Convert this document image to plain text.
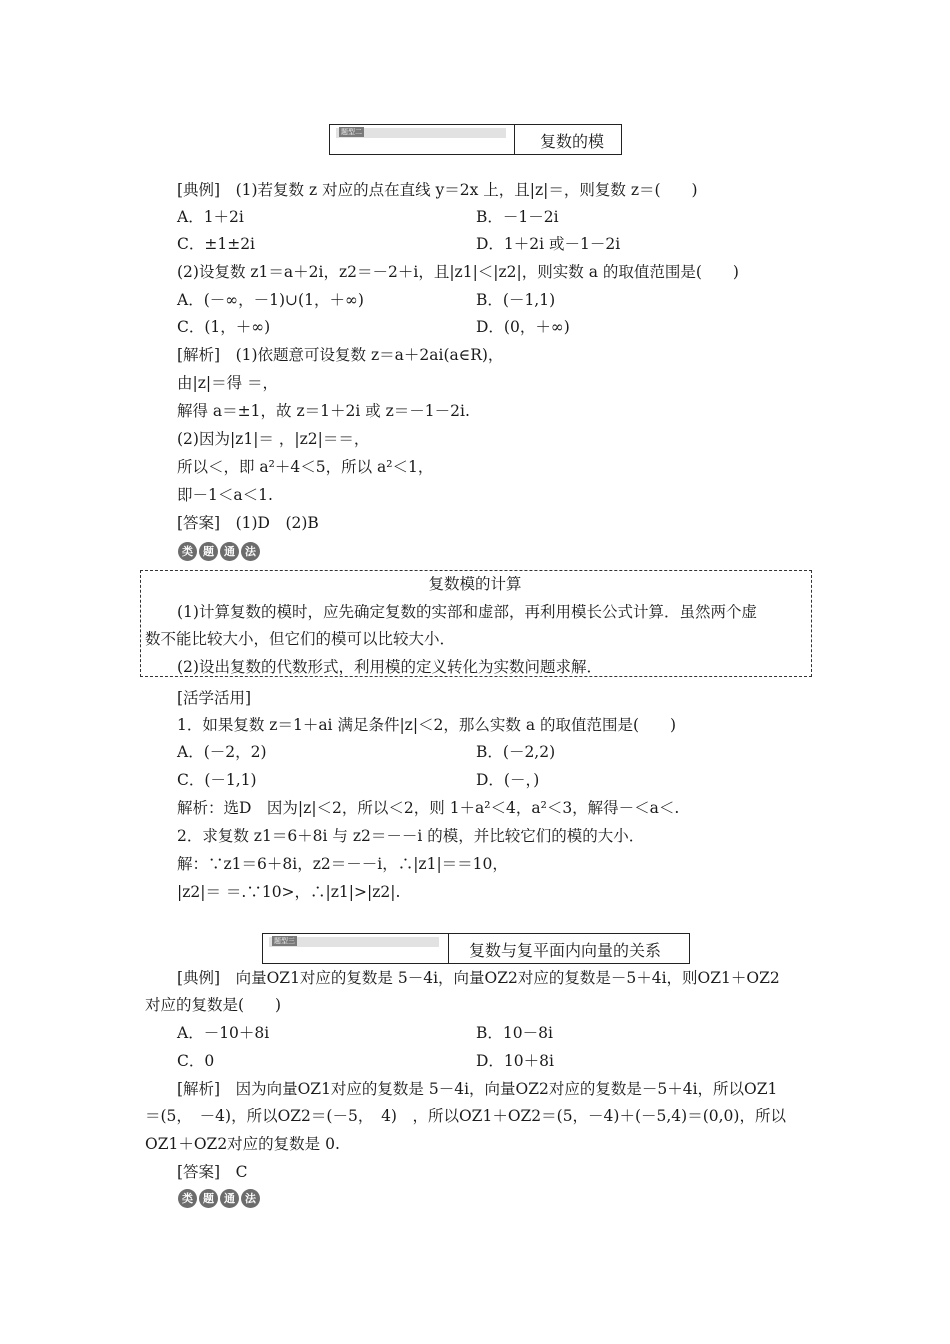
题型二	复数的模
[典例]　(1)若复数 z 对应的点在直线 y＝2x 上，且|z|＝，则复数 z＝(　　)
A．1＋2i	B．－1－2i
C．±1±2i	D．1＋2i 或－1－2i
(2)设复数 z1＝a＋2i，z2＝－2＋i，且|z1|＜|z2|，则实数 a 的取值范围是(　　)
A．(－∞，－1)∪(1，＋∞)	B．(－1,1)
C．(1，＋∞)	D．(0，＋∞)
[解析]　(1)依题意可设复数 z＝a＋2ai(a∈R)，
由|z|＝得 ＝，
解得 a＝±1，故 z＝1＋2i 或 z＝－1－2i.
(2)因为|z1|＝ ，|z2|＝＝，
所以＜，即 a²＋4＜5，所以 a²＜1，
即－1＜a＜1.
[答案]　(1)D　(2)B
类 题 通 法
复数模的计算
(1)计算复数的模时，应先确定复数的实部和虚部，再利用模长公式计算．虽然两个虚
数不能比较大小，但它们的模可以比较大小．
(2)设出复数的代数形式，利用模的定义转化为实数问题求解．
[活学活用]
1．如果复数 z＝1＋ai 满足条件|z|＜2，那么实数 a 的取值范围是(　　)
A．(－2，2)	B．(－2,2)
C．(－1,1)	D．(－，)
解析：选D　因为|z|＜2，所以＜2，则 1＋a²＜4，a²＜3，解得－＜a＜.
2．求复数 z1＝6＋8i 与 z2＝－－i 的模，并比较它们的模的大小．
解：∵z1＝6＋8i，z2＝－－i，∴|z1|＝＝10，
|z2|＝ ＝.∵10>，∴|z1|>|z2|.
题型三	复数与复平面内向量的关系
[典例]　向量OZ1对应的复数是 5－4i，向量OZ2对应的复数是－5＋4i，则OZ1＋OZ2
对应的复数是(　　)
A．－10＋8i	B．10－8i
C．0	D．10＋8i
[解析]　因为向量OZ1对应的复数是 5－4i，向量OZ2对应的复数是－5＋4i，所以OZ1
＝(5，　－4)，所以OZ2＝(－5，　4)　，所以OZ1＋OZ2＝(5，－4)＋(－5,4)＝(0,0)，所以
OZ1＋OZ2对应的复数是 0.
[答案]　C
类 题 通 法
